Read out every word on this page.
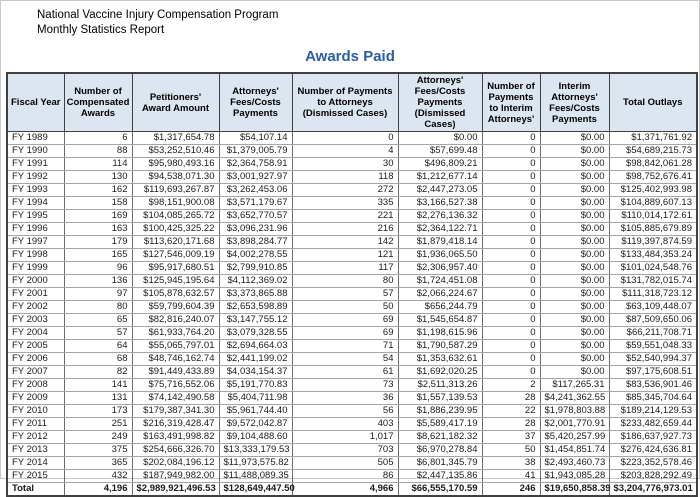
National Vaccine Injury Compensation Program
Monthly Statistics Report
Awards Paid
Fiscal Year	Number of Compensated Awards	Petitioners' Award Amount	Attorneys' Fees/Costs Payments	Number of Payments to Attorneys (Dismissed Cases)	Attorneys' Fees/Costs Payments (Dismissed Cases)	Number of Payments to Interim Attorneys'	Interim Attorneys' Fees/Costs Payments	Total Outlays
FY 1989	6	$1,317,654.78	$54,107.14	0	$0.00	0	$0.00	$1,371,761.92
FY 1990	88	$53,252,510.46	$1,379,005.79	4	$57,699.48	0	$0.00	$54,689,215.73
FY 1991	114	$95,980,493.16	$2,364,758.91	30	$496,809.21	0	$0.00	$98,842,061.28
FY 1992	130	$94,538,071.30	$3,001,927.97	118	$1,212,677.14	0	$0.00	$98,752,676.41
FY 1993	162	$119,693,267.87	$3,262,453.06	272	$2,447,273.05	0	$0.00	$125,402,993.98
FY 1994	158	$98,151,900.08	$3,571,179.67	335	$3,166,527.38	0	$0.00	$104,889,607.13
FY 1995	169	$104,085,265.72	$3,652,770.57	221	$2,276,136.32	0	$0.00	$110,014,172.61
FY 1996	163	$100,425,325.22	$3,096,231.96	216	$2,364,122.71	0	$0.00	$105,885,679.89
FY 1997	179	$113,620,171.68	$3,898,284.77	142	$1,879,418.14	0	$0.00	$119,397,874.59
FY 1998	165	$127,546,009.19	$4,002,278.55	121	$1,936,065.50	0	$0.00	$133,484,353.24
FY 1999	96	$95,917,680.51	$2,799,910.85	117	$2,306,957.40	0	$0.00	$101,024,548.76
FY 2000	136	$125,945,195.64	$4,112,369.02	80	$1,724,451.08	0	$0.00	$131,782,015.74
FY 2001	97	$105,878,632.57	$3,373,865.88	57	$2,066,224.67	0	$0.00	$111,318,723.12
FY 2002	80	$59,799,604.39	$2,653,598.89	50	$656,244.79	0	$0.00	$63,109,448.07
FY 2003	65	$82,816,240.07	$3,147,755.12	69	$1,545,654.87	0	$0.00	$87,509,650.06
FY 2004	57	$61,933,764.20	$3,079,328.55	69	$1,198,615.96	0	$0.00	$66,211,708.71
FY 2005	64	$55,065,797.01	$2,694,664.03	71	$1,790,587.29	0	$0.00	$59,551,048.33
FY 2006	68	$48,746,162.74	$2,441,199.02	54	$1,353,632.61	0	$0.00	$52,540,994.37
FY 2007	82	$91,449,433.89	$4,034,154.37	61	$1,692,020.25	0	$0.00	$97,175,608.51
FY 2008	141	$75,716,552.06	$5,191,770.83	73	$2,511,313.26	2	$117,265.31	$83,536,901.46
FY 2009	131	$74,142,490.58	$5,404,711.98	36	$1,557,139.53	28	$4,241,362.55	$85,345,704.64
FY 2010	173	$179,387,341.30	$5,961,744.40	56	$1,886,239.95	22	$1,978,803.88	$189,214,129.53
FY 2011	251	$216,319,428.47	$9,572,042.87	403	$5,589,417.19	28	$2,001,770.91	$233,482,659.44
FY 2012	249	$163,491,998.82	$9,104,488.60	1,017	$8,621,182.32	37	$5,420,257.99	$186,637,927.73
FY 2013	375	$254,666,326.70	$13,333,179.53	703	$6,970,278.84	50	$1,454,851.74	$276,424,636.81
FY 2014	365	$202,084,196.12	$11,973,575.82	505	$6,801,345.79	38	$2,493,460.73	$223,352,578.46
FY 2015	432	$187,949,982.00	$11,488,089.35	86	$2,447,135.86	41	$1,943,085.28	$203,828,292.49
Total	4,196	$2,989,921,496.53	$128,649,447.50	4,966	$66,555,170.59	246	$19,650,858.39	$3,204,776,973.01
